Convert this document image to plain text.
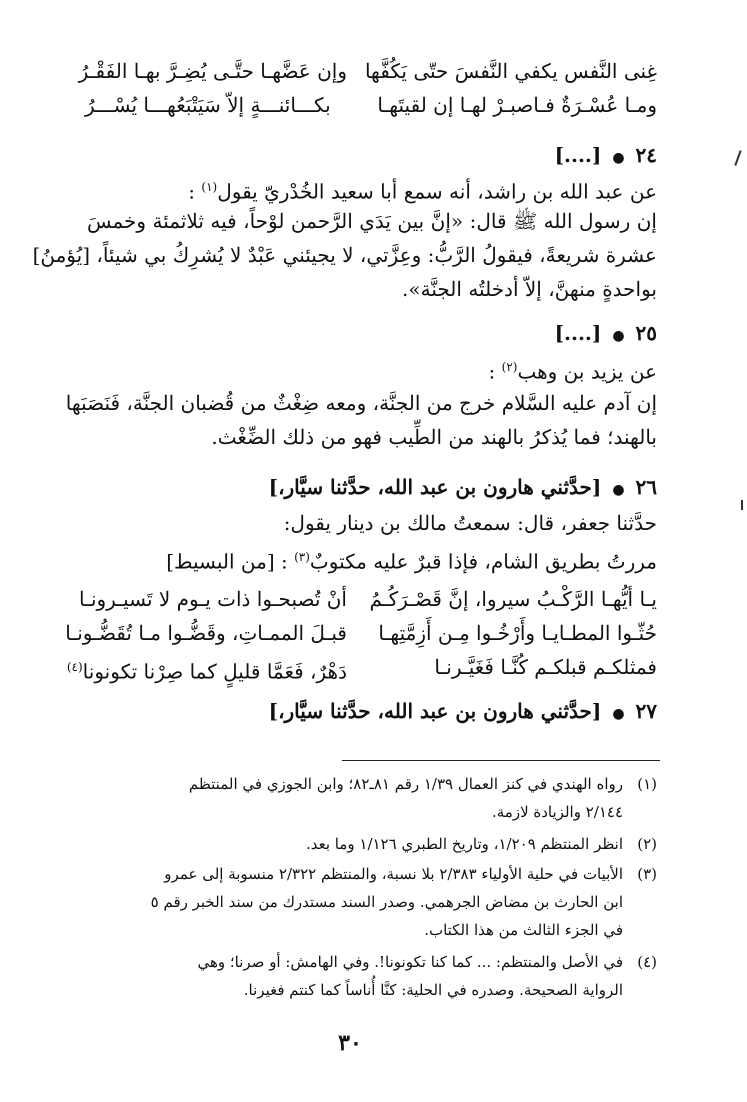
غِنى النَّفس يكفي النَّفسَ حتّى يَكُفَّها
وإن عَضَّهـا حتَّـى يُضِـرَّ بهـا الفَقْـرُ
ومـا عُسْـرَةٌ فـاصبـرْ لهـا إن لقيتَهـا
بكـــائنـــةٍ إلاّ سَيَتْبَعُهـــا يُسْـــرُ
٢٤ ● [....]
عن عبد الله بن راشد، أنه سمع أبا سعيد الخُدْريّ يقول$^{(١)}$ :
إن رسول الله ﷺ قال: «إنَّ بين يَدَي الرَّحمن لوْحاً، فيه ثلاثمئة وخمسَ
عشرة شريعةً، فيقولُ الرَّبُّ: وعِزَّتي، لا يجيئني عَبْدٌ لا يُشرِكُ بي شيئاً، [يُؤمنُ]
بواحدةٍ منهنَّ، إلاّ أدخلتُه الجنَّة».
٢٥ ● [....]
عن يزيد بن وهب$^{(٢)}$ :
إن آدم عليه السَّلام خرج من الجنَّة، ومعه ضِغْثٌ من قُضبان الجنَّة، فَنَصَبَها
بالهند؛ فما يُذكرُ بالهند من الطِّيب فهو من ذلك الضِّغْث.
٢٦ ● [حدَّثني هارون بن عبد الله، حدَّثنا سيَّار،]
حدَّثنا جعفر، قال: سمعتُ مالك بن دينار يقول:
مررتُ بطريق الشام، فإذا قبرٌ عليه مكتوبٌ$^{(٣)}$ : [من البسيط]
يـا أيُّهـا الرَّكْـبُ سيروا، إنَّ قَصْـرَكُـمُ
أنْ تُصبحـوا ذات يـوم لا تَسيـرونـا
حُثّـوا المطـايـا وأَرْخُـوا مِـن أَزِمَّتِهـا
قبـلَ الممـاتِ، وقَضُّـوا مـا تُقَضُّـونـا
فمثلكـم قبلكـم كُنَّـا فَغَيَّـرنـا
دَهْرٌ، فَعَمَّا قليلٍ كما صِرْنا تكونونا$^{(٤)}$
٢٧ ● [حدَّثني هارون بن عبد الله، حدَّثنا سيَّار،]
(١)رواه الهندي في كنز العمال ١/٣٩ رقم ٨١ـ٨٢؛ وابن الجوزي في المنتظم
٢/١٤٤ والزيادة لازمة.
(٢)انظر المنتظم ١/٢٠٩، وتاريخ الطبري ١/١٢٦ وما بعد.
(٣)الأبيات في حلية الأولياء ٢/٣٨٣ بلا نسبة، والمنتظم ٢/٣٢٢ منسوبة إلى عمرو
ابن الحارث بن مضاض الجرهمي. وصدر السند مستدرك من سند الخبر رقم ٥
في الجزء الثالث من هذا الكتاب.
(٤)في الأصل والمنتظم: ... كما كنا تكونونا!. وفي الهامش: أو صرنا؛ وهي
الرواية الصحيحة. وصدره في الحلية: كنَّا أُناساً كما كنتم فغيرنا.
٣٠
